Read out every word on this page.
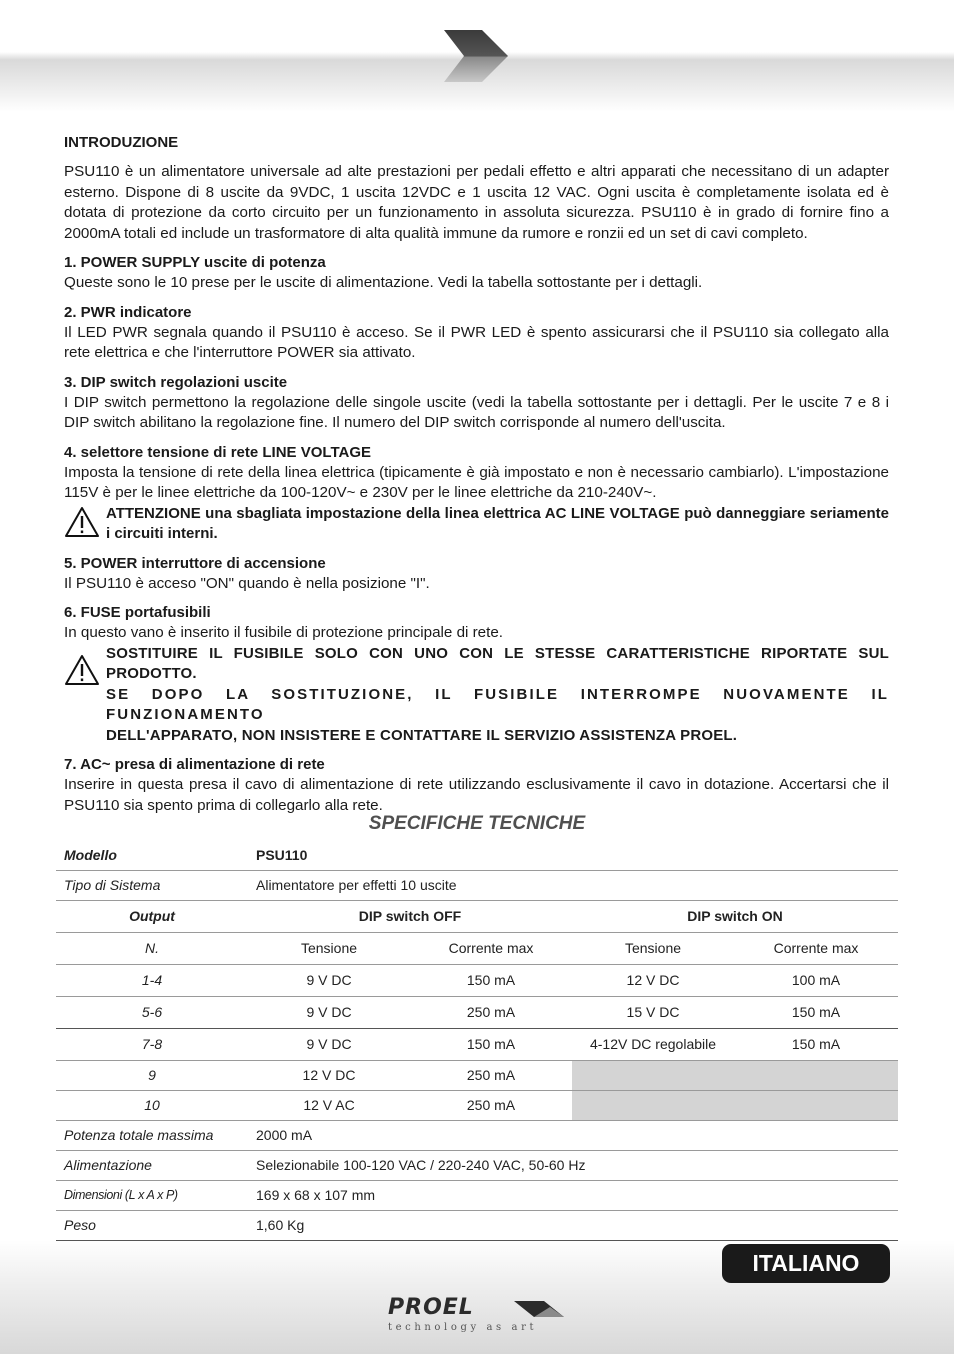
INTRODUZIONE

PSU110 è un alimentatore universale ad alte prestazioni per pedali effetto e altri apparati che necessitano di un adapter esterno. Dispone di 8 uscite da 9VDC, 1 uscita 12VDC e 1 uscita 12 VAC. Ogni uscita è completamente isolata ed è dotata di protezione da corto circuito per un funzionamento in assoluta sicurezza. PSU110 è in grado di fornire fino a 2000mA totali ed include un trasformatore di alta qualità immune da rumore e ronzii ed un set di cavi completo.

1. POWER SUPPLY uscite di potenza

Queste sono le 10 prese per le uscite di alimentazione. Vedi la tabella sottostante per i dettagli.

2. PWR indicatore

Il LED PWR segnala quando il PSU110 è acceso. Se il PWR LED è spento assicurarsi che il PSU110 sia collegato alla rete elettrica e che l'interruttore POWER sia attivato.

3. DIP switch regolazioni uscite

I DIP switch permettono la regolazione delle singole uscite (vedi la tabella sottostante per i dettagli. Per le uscite 7 e 8 i DIP switch abilitano la regolazione fine. Il numero del DIP switch corrisponde al numero dell'uscita.

4. selettore tensione di rete LINE VOLTAGE

Imposta la tensione di rete della linea elettrica (tipicamente è già impostato e non è necessario cambiarlo). L'impostazione 115V è per le linee elettriche da 100-120V~ e 230V per le linee elettriche da 210-240V~.

ATTENZIONE una sbagliata impostazione della linea elettrica AC LINE VOLTAGE può danneggiare seriamente i circuiti interni.
5. POWER interruttore di accensione

Il PSU110 è acceso "ON" quando è nella posizione "I".

6. FUSE portafusibili

In questo vano è inserito il fusibile di protezione principale di rete.

SOSTITUIRE IL FUSIBILE SOLO CON UNO CON LE STESSE CARATTERISTICHE RIPORTATE SUL PRODOTTO.
SE DOPO LA SOSTITUZIONE, IL FUSIBILE INTERROMPE NUOVAMENTE IL FUNZIONAMENTO
DELL'APPARATO, NON INSISTERE E CONTATTARE IL SERVIZIO ASSISTENZA PROEL.
7. AC~ presa di alimentazione di rete

Inserire in questa presa il cavo di alimentazione di rete utilizzando esclusivamente il cavo in dotazione. Accertarsi che il PSU110 sia spento prima di collegarlo alla rete.

SPECIFICHE TECNICHE
Modello	PSU110			
Tipo di Sistema	Alimentatore per effetti 10 uscite			
Output	DIP switch OFF		DIP switch ON	
N.	Tensione	Corrente max	Tensione	Corrente max
1-4	9 V DC	150 mA	12 V DC	100 mA
5-6	9 V DC	250 mA	15 V DC	150 mA
7-8	9 V DC	150 mA	4-12V DC regolabile	150 mA
9	12 V DC	250 mA		
10	12 V AC	250 mA		
Potenza totale massima	2000 mA			
Alimentazione	Selezionabile 100-120 VAC / 220-240 VAC, 50-60 Hz			
Dimensioni (L x A x P)	169 x 68 x 107 mm			
Peso	1,60 Kg			
ITALIANO
PROEL
technology as art
